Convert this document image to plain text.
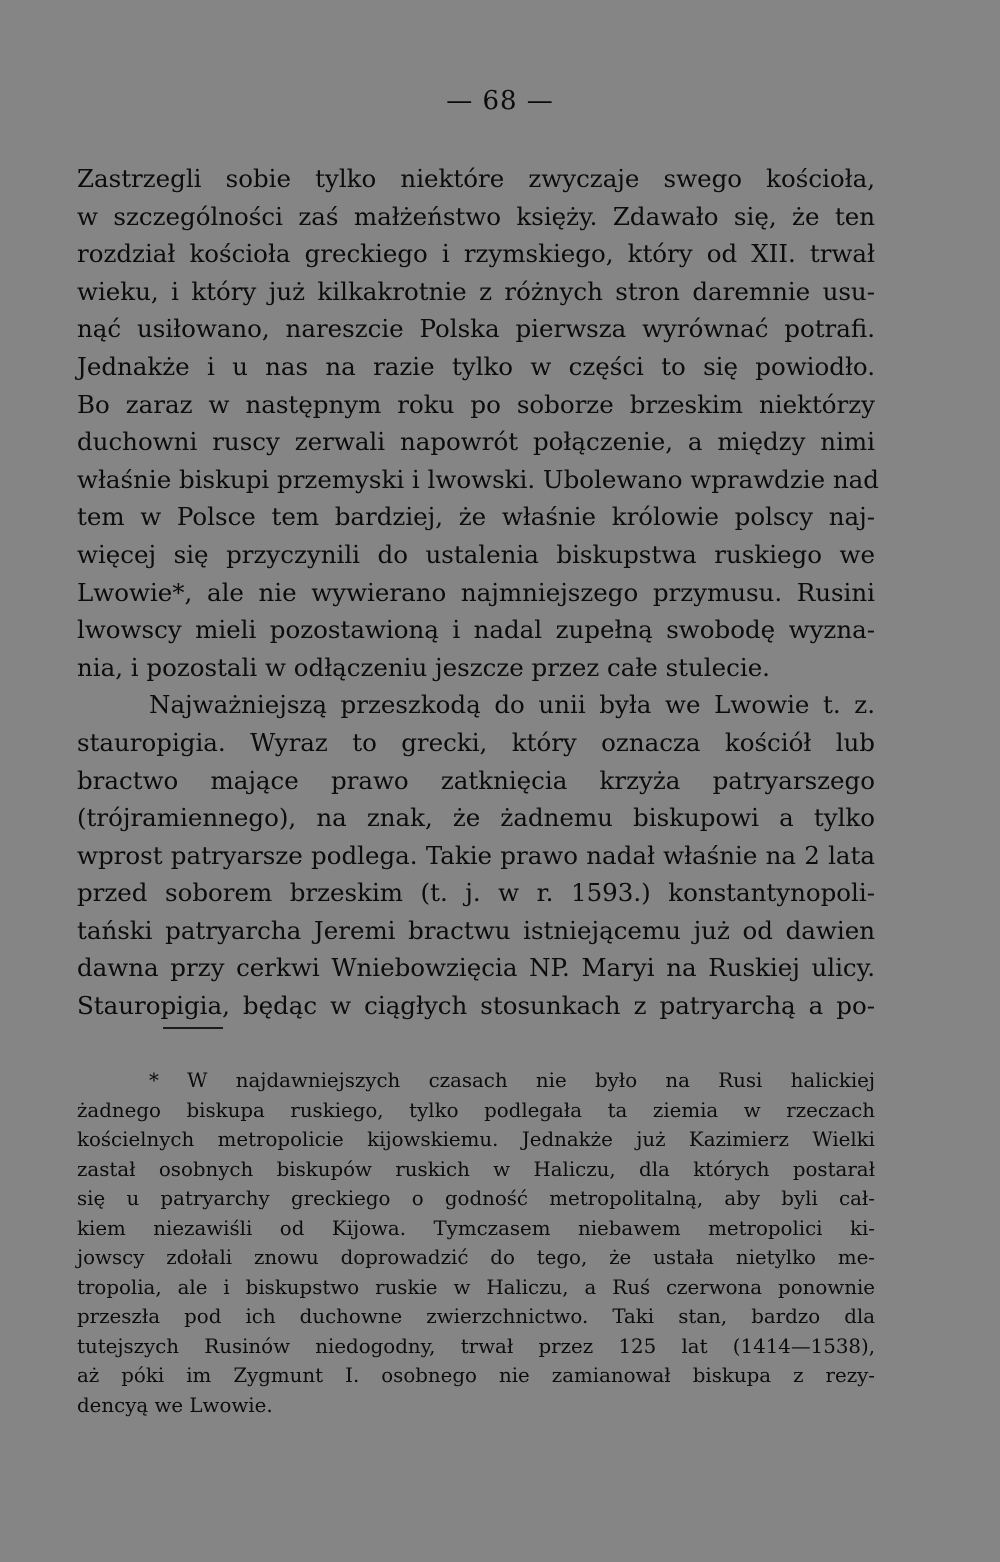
— 68 —
Zastrzegli sobie tylko niektóre zwyczaje swego kościoła,
w szczególności zaś małżeństwo księży. Zdawało się, że ten
rozdział kościoła greckiego i rzymskiego, który od XII. trwał
wieku, i który już kilkakrotnie z różnych stron daremnie usu-
nąć usiłowano, nareszcie Polska pierwsza wyrównać potrafi.
Jednakże i u nas na razie tylko w części to się powiodło.
Bo zaraz w następnym roku po soborze brzeskim niektórzy
duchowni ruscy zerwali napowrót połączenie, a między nimi
właśnie biskupi przemyski i lwowski. Ubolewano wprawdzie nad
tem w Polsce tem bardziej, że właśnie królowie polscy naj-
więcej się przyczynili do ustalenia biskupstwa ruskiego we
Lwowie*, ale nie wywierano najmniejszego przymusu. Rusini
lwowscy mieli pozostawioną i nadal zupełną swobodę wyzna-
nia, i pozostali w odłączeniu jeszcze przez całe stulecie.
Najważniejszą przeszkodą do unii była we Lwowie t. z.
stauropigia. Wyraz to grecki, który oznacza kościół lub
bractwo mające prawo zatknięcia krzyża patryarszego
(trójramiennego), na znak, że żadnemu biskupowi a tylko
wprost patryarsze podlega. Takie prawo nadał właśnie na 2 lata
przed soborem brzeskim (t. j. w r. 1593.) konstantynopoli-
tański patryarcha Jeremi bractwu istniejącemu już od dawien
dawna przy cerkwi Wniebowzięcia NP. Maryi na Ruskiej ulicy.
Stauropigia, będąc w ciągłych stosunkach z patryarchą a po-
* W najdawniejszych czasach nie było na Rusi halickiej
żadnego biskupa ruskiego, tylko podlegała ta ziemia w rzeczach
kościelnych metropolicie kijowskiemu. Jednakże już Kazimierz Wielki
zastał osobnych biskupów ruskich w Haliczu, dla których postarał
się u patryarchy greckiego o godność metropolitalną, aby byli cał-
kiem niezawiśli od Kijowa. Tymczasem niebawem metropolici ki-
jowscy zdołali znowu doprowadzić do tego, że ustała nietylko me-
tropolia, ale i biskupstwo ruskie w Haliczu, a Ruś czerwona ponownie
przeszła pod ich duchowne zwierzchnictwo. Taki stan, bardzo dla
tutejszych Rusinów niedogodny, trwał przez 125 lat (1414—1538),
aż póki im Zygmunt I. osobnego nie zamianował biskupa z rezy-
dencyą we Lwowie.
